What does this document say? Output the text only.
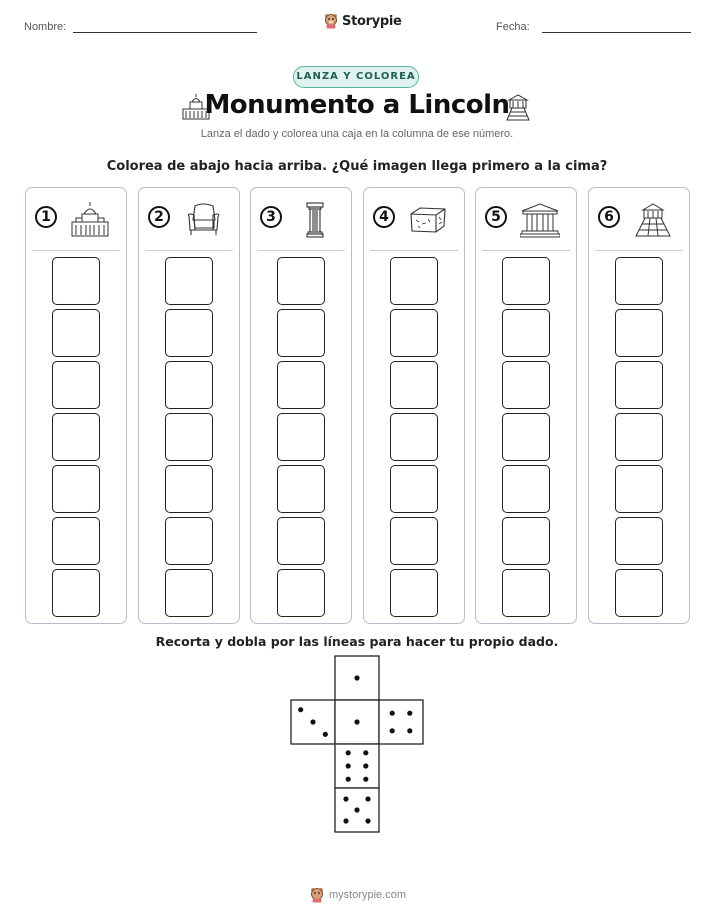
Nombre:	Storypie	Fecha:
LANZA Y COLOREA
Monumento a Lincoln
Lanza el dado y colorea una caja en la columna de ese número.
Colorea de abajo hacia arriba. ¿Qué imagen llega primero a la cima?
1	2	3	4	5	6
Recorta y dobla por las líneas para hacer tu propio dado.
mystorypie.com
